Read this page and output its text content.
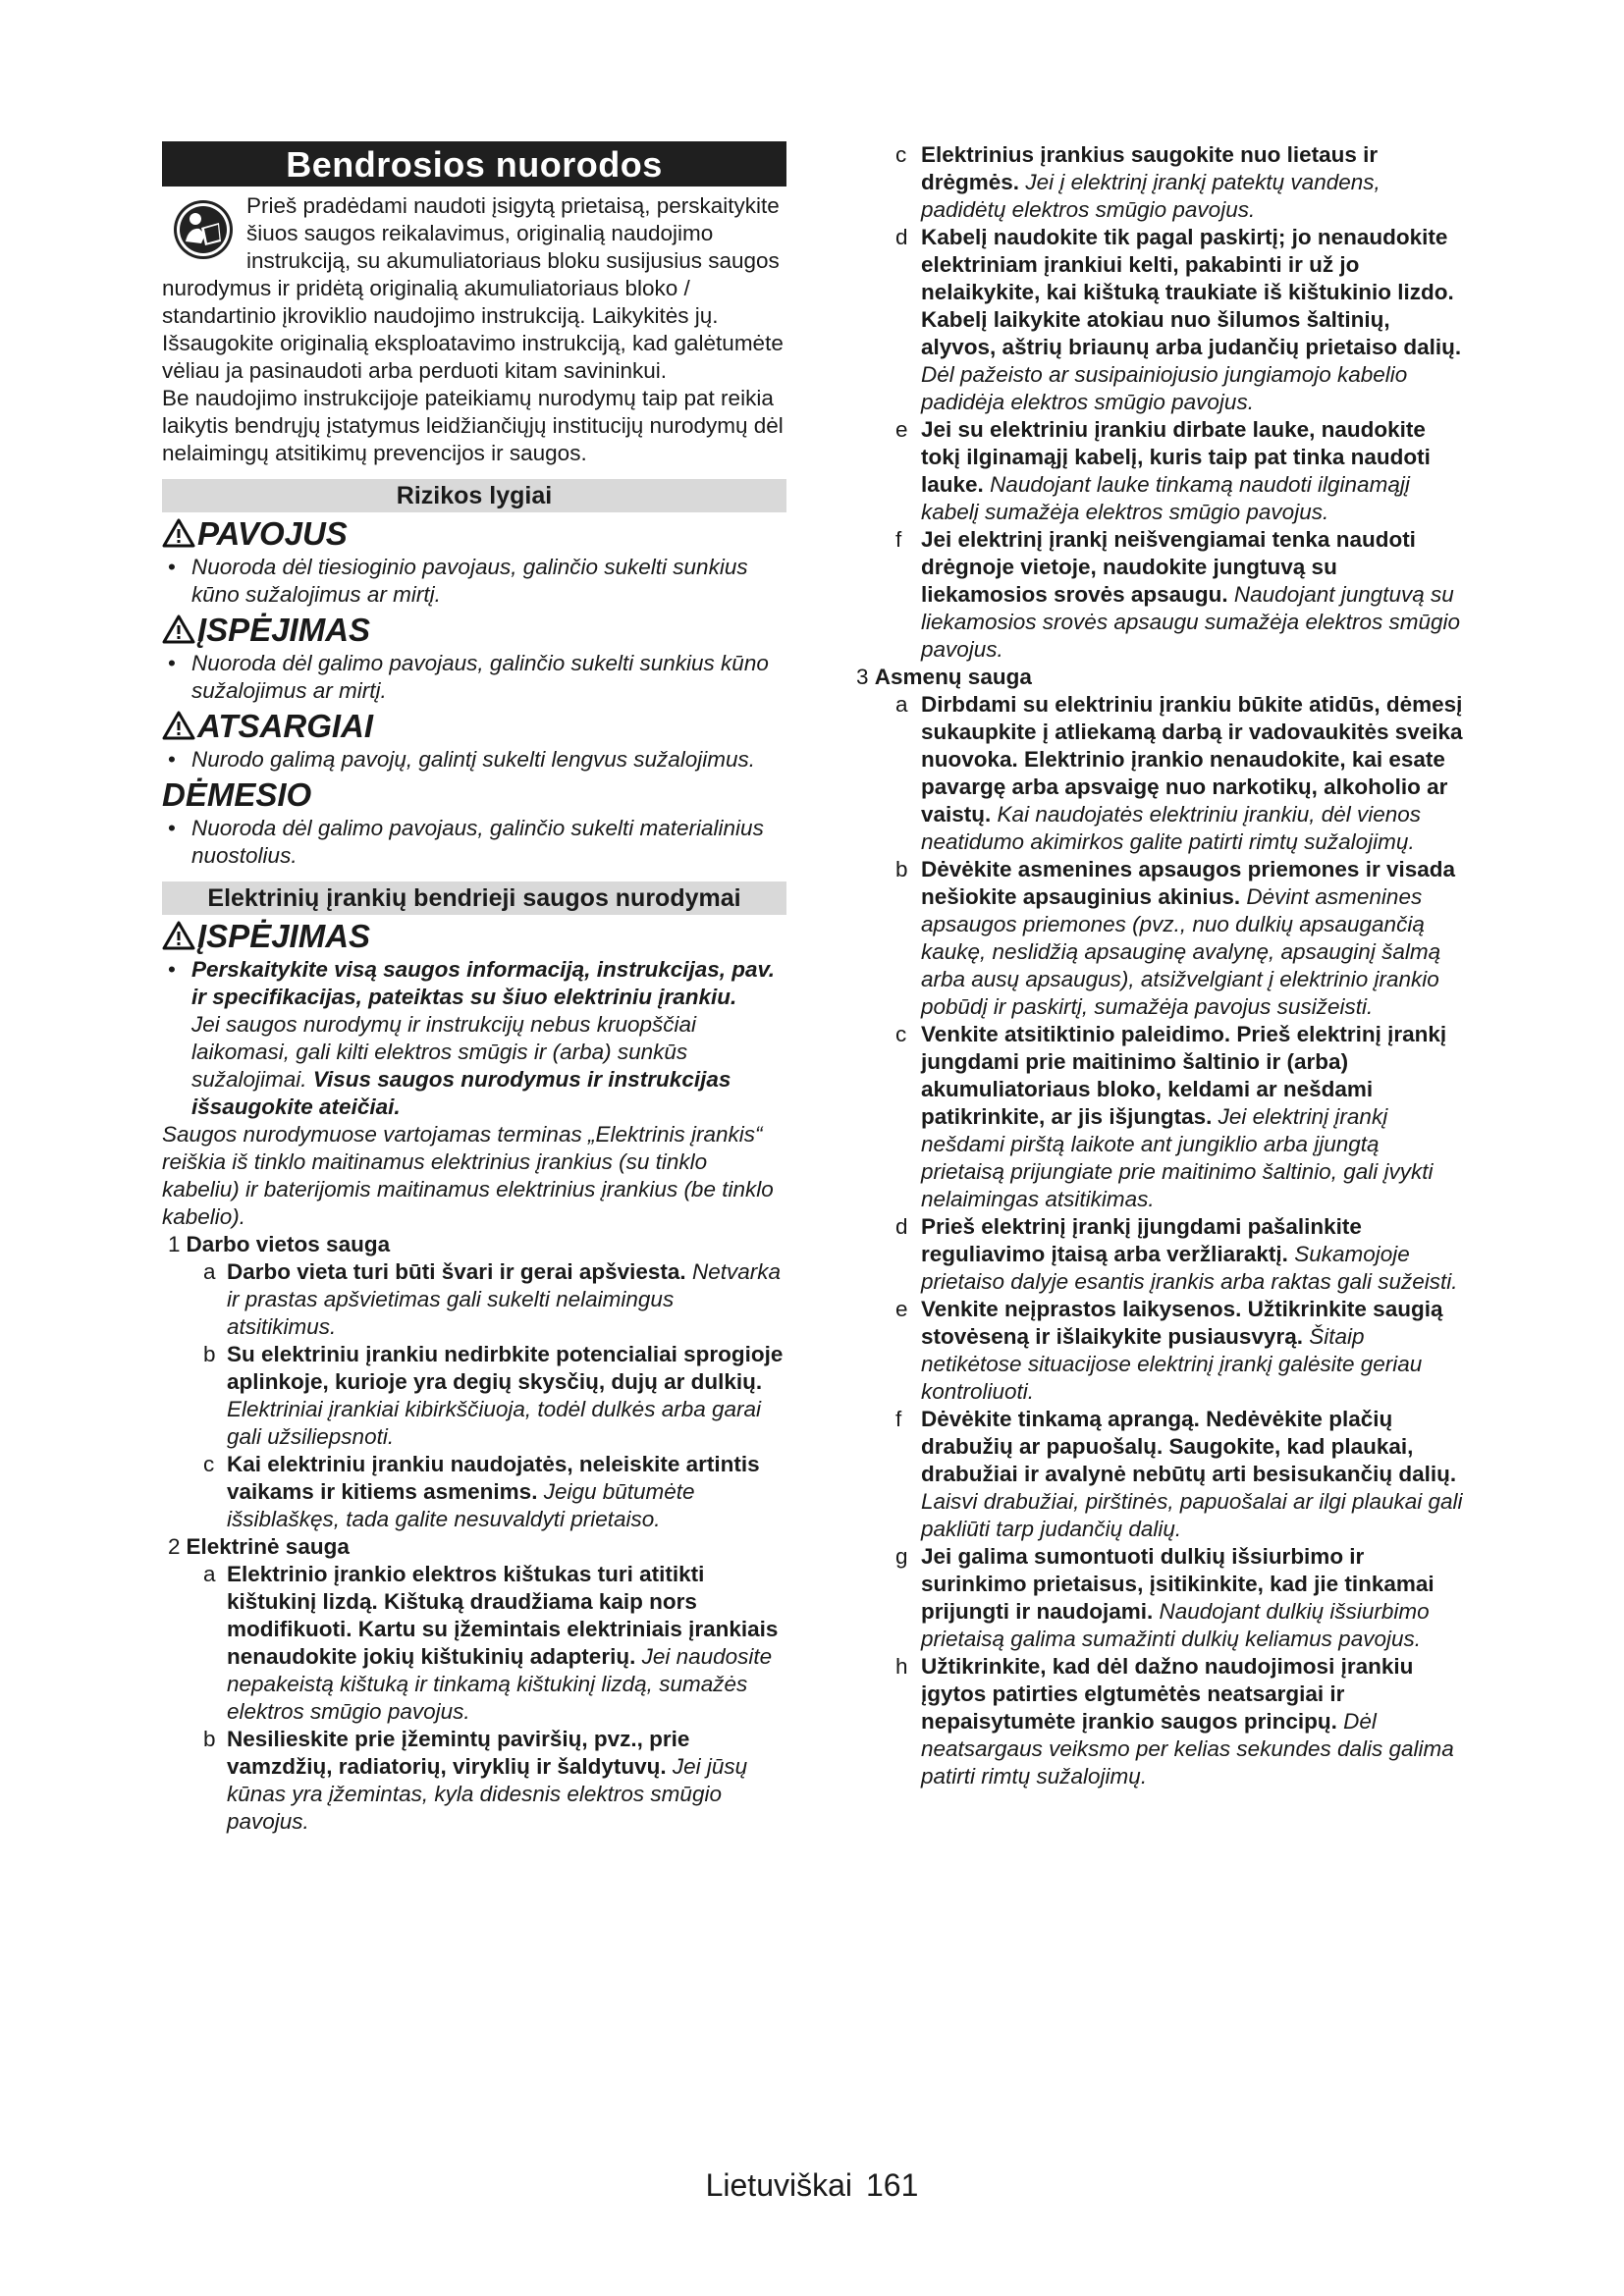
Bendrosios nuorodos

Prieš pradėdami naudoti įsigytą prietaisą, perskaitykite šiuos saugos reikalavimus, originalią naudojimo instrukciją, su akumuliatoriaus bloku susijusius saugos nurodymus ir pridėtą originalią akumuliatoriaus bloko / standartinio įkroviklio naudojimo instrukciją. Laikykitės jų. Išsaugokite originalią eksploatavimo instrukciją, kad galėtumėte vėliau ja pasinaudoti arba perduoti kitam savininkui.

Be naudojimo instrukcijoje pateikiamų nurodymų taip pat reikia laikytis bendrųjų įstatymus leidžiančiųjų institucijų nurodymų dėl nelaimingų atsitikimų prevencijos ir saugos.

Rizikos lygiai
PAVOJUS
• Nuoroda dėl tiesioginio pavojaus, galinčio sukelti sunkius kūno sužalojimus ar mirtį.
ĮSPĖJIMAS
• Nuoroda dėl galimo pavojaus, galinčio sukelti sunkius kūno sužalojimus ar mirtį.
ATSARGIAI
• Nurodo galimą pavojų, galintį sukelti lengvus sužalojimus.
DĖMESIO
• Nuoroda dėl galimo pavojaus, galinčio sukelti materialinius nuostolius.
Elektrinių įrankių bendrieji saugos nurodymai
ĮSPĖJIMAS
• Perskaitykite visą saugos informaciją, instrukcijas, pav. ir specifikacijas, pateiktas su šiuo elektriniu įrankiu.
Jei saugos nurodymų ir instrukcijų nebus kruopščiai laikomasi, gali kilti elektros smūgis ir (arba) sunkūs sužalojimai. Visus saugos nurodymus ir instrukcijas išsaugokite ateičiai.

Saugos nurodymuose vartojamas terminas „Elektrinis įrankis“ reiškia iš tinklo maitinamus elektrinius įrankius (su tinklo kabeliu) ir baterijomis maitinamus elektrinius įrankius (be tinklo kabelio).

1 Darbo vietos sauga
a Darbo vieta turi būti švari ir gerai apšviesta. Netvarka ir prastas apšvietimas gali sukelti nelaimingus atsitikimus.
b Su elektriniu įrankiu nedirbkite potencialiai sprogioje aplinkoje, kurioje yra degių skysčių, dujų ar dulkių. Elektriniai įrankiai kibirkščiuoja, todėl dulkės arba garai gali užsiliepsnoti.
c Kai elektriniu įrankiu naudojatės, neleiskite artintis vaikams ir kitiems asmenims. Jeigu būtumėte išsiblaškęs, tada galite nesuvaldyti prietaiso.
2 Elektrinė sauga
a Elektrinio įrankio elektros kištukas turi atitikti kištukinį lizdą. Kištuką draudžiama kaip nors modifikuoti. Kartu su įžemintais elektriniais įrankiais nenaudokite jokių kištukinių adapterių. Jei naudosite nepakeistą kištuką ir tinkamą kištukinį lizdą, sumažės elektros smūgio pavojus.
b Nesilieskite prie įžemintų paviršių, pvz., prie vamzdžių, radiatorių, viryklių ir šaldytuvų. Jei jūsų kūnas yra įžemintas, kyla didesnis elektros smūgio pavojus.
c Elektrinius įrankius saugokite nuo lietaus ir drėgmės. Jei į elektrinį įrankį patektų vandens, padidėtų elektros smūgio pavojus.
d Kabelį naudokite tik pagal paskirtį; jo nenaudokite elektriniam įrankiui kelti, pakabinti ir už jo nelaikykite, kai kištuką traukiate iš kištukinio lizdo. Kabelį laikykite atokiau nuo šilumos šaltinių, alyvos, aštrių briaunų arba judančių prietaiso dalių. Dėl pažeisto ar susipainiojusio jungiamojo kabelio padidėja elektros smūgio pavojus.
e Jei su elektriniu įrankiu dirbate lauke, naudokite tokį ilginamąjį kabelį, kuris taip pat tinka naudoti lauke. Naudojant lauke tinkamą naudoti ilginamąjį kabelį sumažėja elektros smūgio pavojus.
f Jei elektrinį įrankį neišvengiamai tenka naudoti drėgnoje vietoje, naudokite jungtuvą su liekamosios srovės apsaugu. Naudojant jungtuvą su liekamosios srovės apsaugu sumažėja elektros smūgio pavojus.
3 Asmenų sauga
a Dirbdami su elektriniu įrankiu būkite atidūs, dėmesį sukaupkite į atliekamą darbą ir vadovaukitės sveika nuovoka. Elektrinio įrankio nenaudokite, kai esate pavargę arba apsvaigę nuo narkotikų, alkoholio ar vaistų. Kai naudojatės elektriniu įrankiu, dėl vienos neatidumo akimirkos galite patirti rimtų sužalojimų.
b Dėvėkite asmenines apsaugos priemones ir visada nešiokite apsauginius akinius. Dėvint asmenines apsaugos priemones (pvz., nuo dulkių apsaugančią kaukę, neslidžią apsauginę avalynę, apsauginį šalmą arba ausų apsaugus), atsižvelgiant į elektrinio įrankio pobūdį ir paskirtį, sumažėja pavojus susižeisti.
c Venkite atsitiktinio paleidimo. Prieš elektrinį įrankį jungdami prie maitinimo šaltinio ir (arba) akumuliatoriaus bloko, keldami ar nešdami patikrinkite, ar jis išjungtas. Jei elektrinį įrankį nešdami pirštą laikote ant jungiklio arba įjungtą prietaisą prijungiate prie maitinimo šaltinio, gali įvykti nelaimingas atsitikimas.
d Prieš elektrinį įrankį įjungdami pašalinkite reguliavimo įtaisą arba veržliaraktį. Sukamojoje prietaiso dalyje esantis įrankis arba raktas gali sužeisti.
e Venkite neįprastos laikysenos. Užtikrinkite saugią stovėseną ir išlaikykite pusiausvyrą. Šitaip netikėtose situacijose elektrinį įrankį galėsite geriau kontroliuoti.
f Dėvėkite tinkamą aprangą. Nedėvėkite plačių drabužių ar papuošalų. Saugokite, kad plaukai, drabužiai ir avalynė nebūtų arti besisukančių dalių. Laisvi drabužiai, pirštinės, papuošalai ar ilgi plaukai gali pakliūti tarp judančių dalių.
g Jei galima sumontuoti dulkių išsiurbimo ir surinkimo prietaisus, įsitikinkite, kad jie tinkamai prijungti ir naudojami. Naudojant dulkių išsiurbimo prietaisą galima sumažinti dulkių keliamus pavojus.
h Užtikrinkite, kad dėl dažno naudojimosi įrankiu įgytos patirties elgtumėtės neatsargiai ir nepaisytumėte įrankio saugos principų. Dėl neatsargaus veiksmo per kelias sekundes dalis galima patirti rimtų sužalojimų.
Lietuviškai 161
